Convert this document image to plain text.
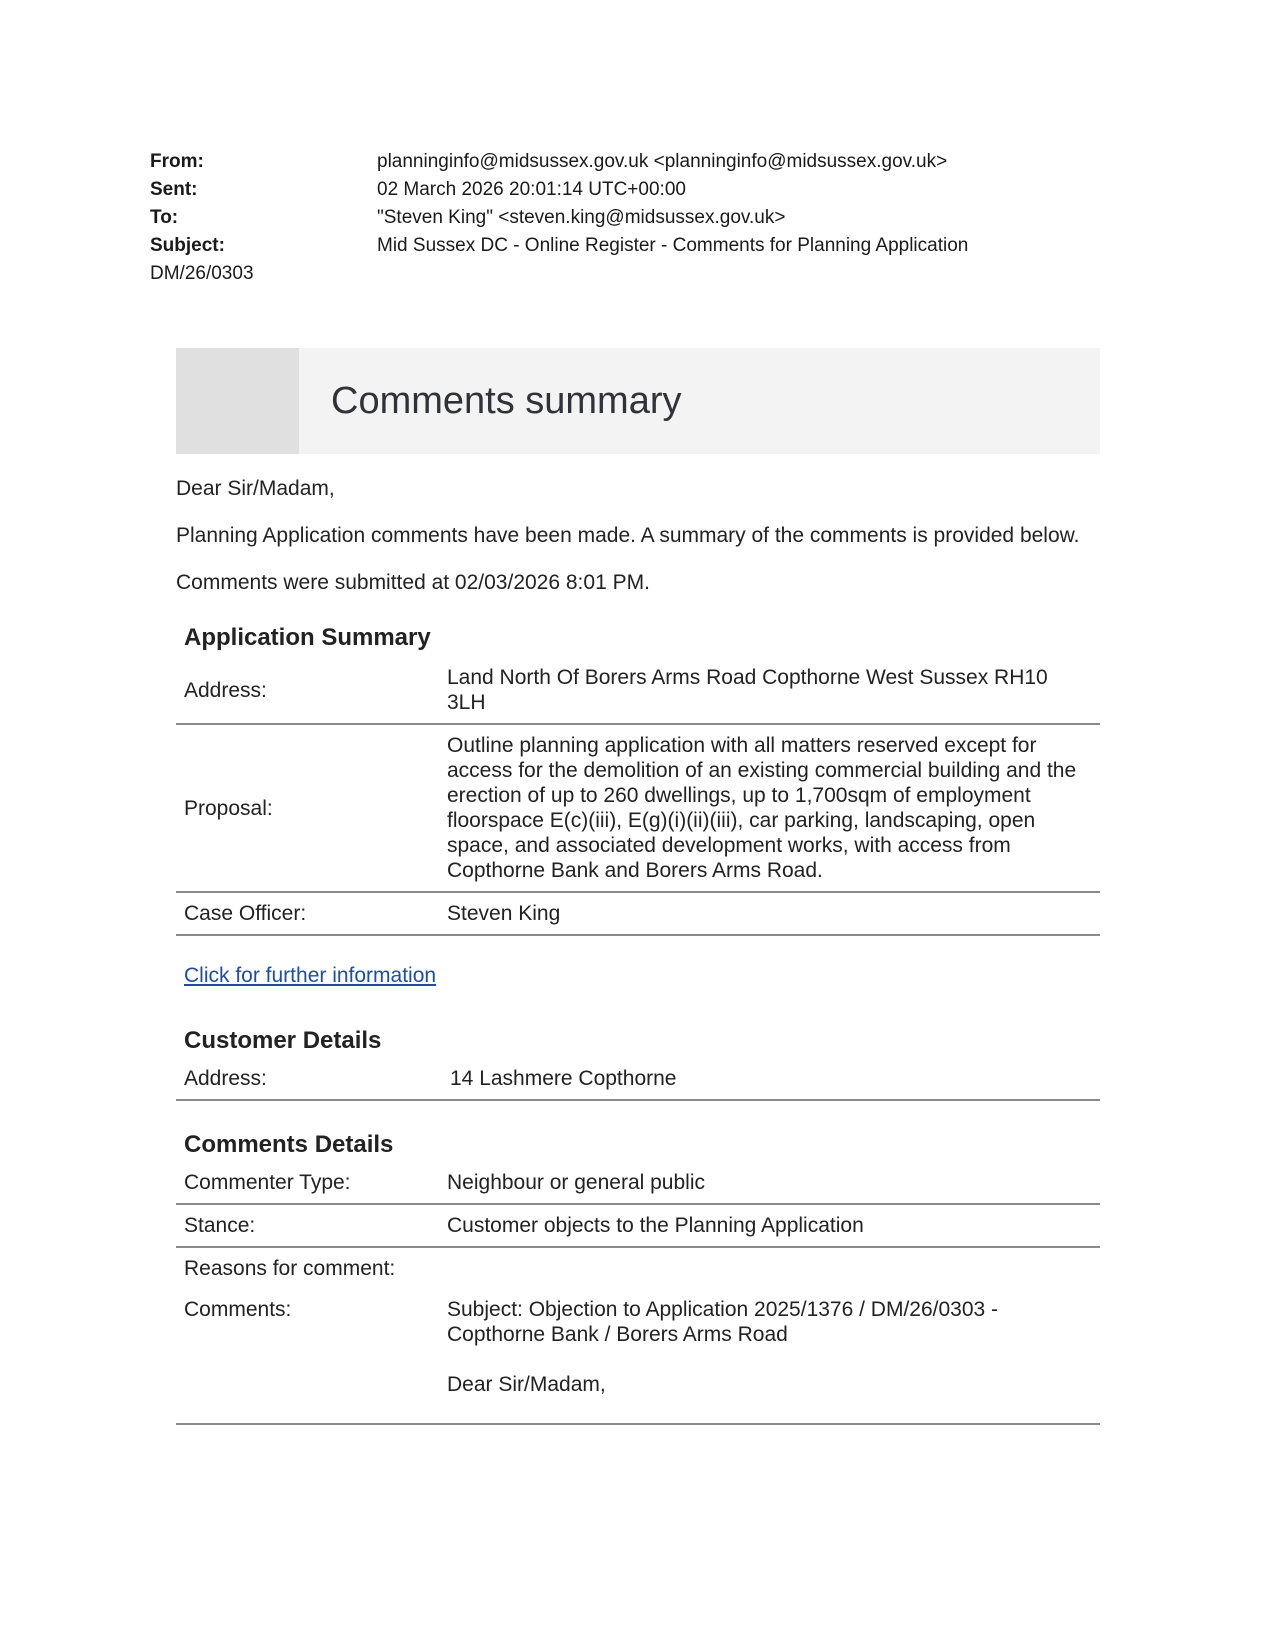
From:	planninginfo@midsussex.gov.uk <planninginfo@midsussex.gov.uk>
Sent:	02 March 2026 20:01:14 UTC+00:00
To:	"Steven King" <steven.king@midsussex.gov.uk>
Subject:	Mid Sussex DC - Online Register - Comments for Planning Application
DM/26/0303
Comments summary

Dear Sir/Madam,

Planning Application comments have been made. A summary of the comments is provided below.

Comments were submitted at 02/03/2026 8:01 PM.

Application Summary
Address:	Land North Of Borers Arms Road Copthorne West Sussex RH10 3LH
Proposal:	Outline planning application with all matters reserved except for access for the demolition of an existing commercial building and the erection of up to 260 dwellings, up to 1,700sqm of employment floorspace E(c)(iii), E(g)(i)(ii)(iii), car parking, landscaping, open space, and associated development works, with access from Copthorne Bank and Borers Arms Road.
Case Officer:	Steven King
Click for further information
Customer Details
Address:	14 Lashmere Copthorne
Comments Details
Commenter Type:	Neighbour or general public
Stance:	Customer objects to the Planning Application
Reasons for comment:	
Comments:	Subject: Objection to Application 2025/1376 / DM/26/0303 - Copthorne Bank / Borers Arms Road
Dear Sir/Madam,
